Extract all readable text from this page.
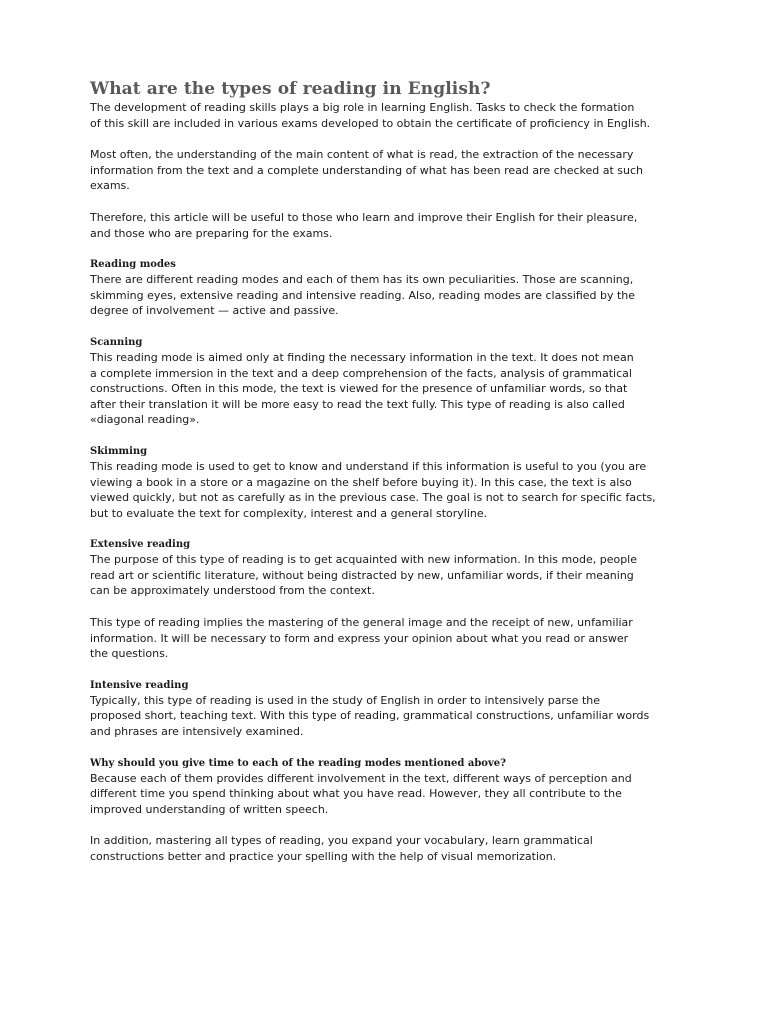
What are the types of reading in English?

The development of reading skills plays a big role in learning English. Tasks to check the formation
of this skill are included in various exams developed to obtain the certificate of proficiency in English.

Most often, the understanding of the main content of what is read, the extraction of the necessary
information from the text and a complete understanding of what has been read are checked at such
exams.

Therefore, this article will be useful to those who learn and improve their English for their pleasure,
and those who are preparing for the exams.

Reading modes

There are different reading modes and each of them has its own peculiarities. Those are scanning,
skimming eyes, extensive reading and intensive reading. Also, reading modes are classified by the
degree of involvement — active and passive.

Scanning

This reading mode is aimed only at finding the necessary information in the text. It does not mean
a complete immersion in the text and a deep comprehension of the facts, analysis of grammatical
constructions. Often in this mode, the text is viewed for the presence of unfamiliar words, so that
after their translation it will be more easy to read the text fully. This type of reading is also called
«diagonal reading».

Skimming

This reading mode is used to get to know and understand if this information is useful to you (you are
viewing a book in a store or a magazine on the shelf before buying it). In this case, the text is also
viewed quickly, but not as carefully as in the previous case. The goal is not to search for specific facts,
but to evaluate the text for complexity, interest and a general storyline.

Extensive reading

The purpose of this type of reading is to get acquainted with new information. In this mode, people
read art or scientific literature, without being distracted by new, unfamiliar words, if their meaning
can be approximately understood from the context.

This type of reading implies the mastering of the general image and the receipt of new, unfamiliar
information. It will be necessary to form and express your opinion about what you read or answer
the questions.

Intensive reading

Typically, this type of reading is used in the study of English in order to intensively parse the
proposed short, teaching text. With this type of reading, grammatical constructions, unfamiliar words
and phrases are intensively examined.

Why should you give time to each of the reading modes mentioned above?

Because each of them provides different involvement in the text, different ways of perception and
different time you spend thinking about what you have read. However, they all contribute to the
improved understanding of written speech.

In addition, mastering all types of reading, you expand your vocabulary, learn grammatical
constructions better and practice your spelling with the help of visual memorization.
